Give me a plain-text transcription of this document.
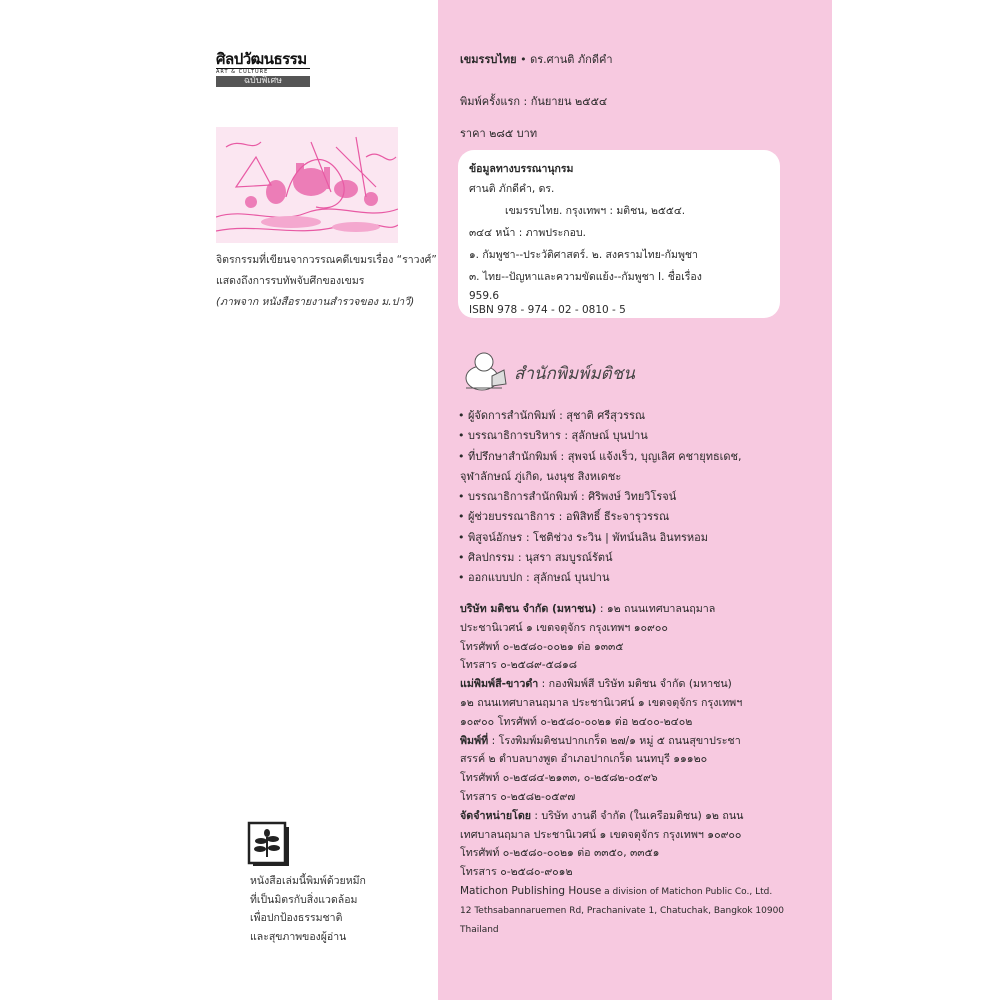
ศิลปวัฒนธรรม
ART & CULTURE
ฉบับพิเศษ
จิตรกรรมที่เขียนจากวรรณคดีเขมรเรื่อง “ราวงศ์”
แสดงถึงการรบทัพจับศึกของเขมร
(ภาพจาก หนังสือรายงานสำรวจของ ม.ปาวี)
เขมรรบไทย • ดร.ศานติ ภักดีคำ
พิมพ์ครั้งแรก : กันยายน ๒๕๕๔
ราคา ๒๘๕ บาท
ข้อมูลทางบรรณานุกรม
ศานติ ภักดีคำ, ดร.
เขมรรบไทย. กรุงเทพฯ : มติชน, ๒๕๕๔.
๓๔๔ หน้า : ภาพประกอบ.
๑. กัมพูชา--ประวัติศาสตร์. ๒. สงครามไทย-กัมพูชา
๓. ไทย--ปัญหาและความขัดแย้ง--กัมพูชา I. ชื่อเรื่อง
959.6
ISBN 978 - 974 - 02 - 0810 - 5
สำนักพิมพ์มติชน
• ผู้จัดการสำนักพิมพ์ : สุชาติ ศรีสุวรรณ
• บรรณาธิการบริหาร : สุลักษณ์ บุนปาน
• ที่ปรึกษาสำนักพิมพ์ : สุพจน์ แจ้งเร็ว, บุญเลิศ คชายุทธเดช,
จุฬาลักษณ์ ภู่เกิด, นงนุช สิงหเดชะ
• บรรณาธิการสำนักพิมพ์ : ศิริพงษ์ วิทยวิโรจน์
• ผู้ช่วยบรรณาธิการ : อพิสิทธิ์ ธีระจารุวรรณ
• พิสูจน์อักษร : โชติช่วง ระวิน | พัทน์นลิน อินทรหอม
• ศิลปกรรม : นุสรา สมบูรณ์รัตน์
• ออกแบบปก : สุลักษณ์ บุนปาน
บริษัท มติชน จำกัด (มหาชน) : ๑๒ ถนนเทศบาลนฤมาล
ประชานิเวศน์ ๑ เขตจตุจักร กรุงเทพฯ ๑๐๙๐๐
โทรศัพท์ ๐-๒๕๘๐-๐๐๒๑ ต่อ ๑๓๓๕
โทรสาร ๐-๒๕๘๙-๕๘๑๘
แม่พิมพ์สี-ขาวดำ : กองพิมพ์สี บริษัท มติชน จำกัด (มหาชน)
๑๒ ถนนเทศบาลนฤมาล ประชานิเวศน์ ๑ เขตจตุจักร กรุงเทพฯ
๑๐๙๐๐ โทรศัพท์ ๐-๒๕๘๐-๐๐๒๑ ต่อ ๒๔๐๐-๒๔๐๒
พิมพ์ที่ : โรงพิมพ์มติชนปากเกร็ด ๒๗/๑ หมู่ ๕ ถนนสุขาประชา
สรรค์ ๒ ตำบลบางพูด อำเภอปากเกร็ด นนทบุรี ๑๑๑๒๐
โทรศัพท์ ๐-๒๕๘๔-๒๑๓๓, ๐-๒๕๘๒-๐๕๙๖
โทรสาร ๐-๒๕๘๒-๐๕๙๗
จัดจำหน่ายโดย : บริษัท งานดี จำกัด (ในเครือมติชน) ๑๒ ถนน
เทศบาลนฤมาล ประชานิเวศน์ ๑ เขตจตุจักร กรุงเทพฯ ๑๐๙๐๐
โทรศัพท์ ๐-๒๕๘๐-๐๐๒๑ ต่อ ๓๓๕๐, ๓๓๕๑
โทรสาร ๐-๒๕๘๐-๙๐๑๒
Matichon Publishing House a division of Matichon Public Co., Ltd.
12 Tethsabannaruemen Rd, Prachanivate 1, Chatuchak, Bangkok 10900
Thailand
หนังสือเล่มนี้พิมพ์ด้วยหมึก
ที่เป็นมิตรกับสิ่งแวดล้อม
เพื่อปกป้องธรรมชาติ
และสุขภาพของผู้อ่าน
